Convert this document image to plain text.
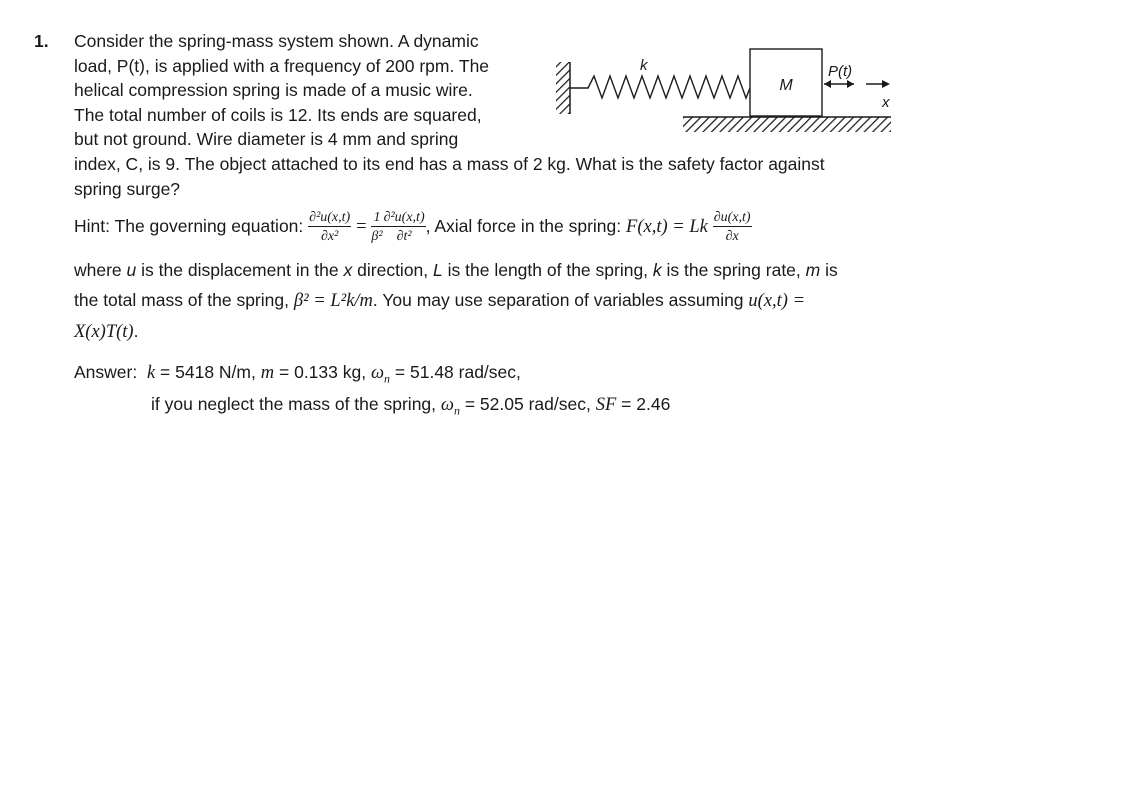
1. Consider the spring-mass system shown. A dynamic
load, P(t), is applied with a frequency of 200 rpm. The
helical compression spring is made of a music wire.
The total number of coils is 12. Its ends are squared,
but not ground. Wire diameter is 4 mm and spring
index, C, is 9. The object attached to its end has a mass of 2 kg. What is the safety factor against
spring surge?
k
M
P(t)
x
Hint: The governing equation: $\frac{\text{∂²u(x,t)}}{\text{∂x²}} = \frac{1}{\text{β²}} \frac{\text{∂²u(x,t)}}{\text{∂t²}}$ , Axial force in the spring: F(x,t) = Lk $\frac{\partial u(x,t)}{\partial x}$
where u is the displacement in the x direction, L is the length of the spring, k is the spring rate, m is
the total mass of the spring, β² = L²k/m. You may use separation of variables assuming u(x,t) =
X(x)T(t).
Answer: k = 5418 N/m, m = 0.133 kg, $\omega_n = 51.48$ rad/sec,
if you neglect the mass of the spring, $\omega_n = 52.05$ rad/sec, SF = 2.46
